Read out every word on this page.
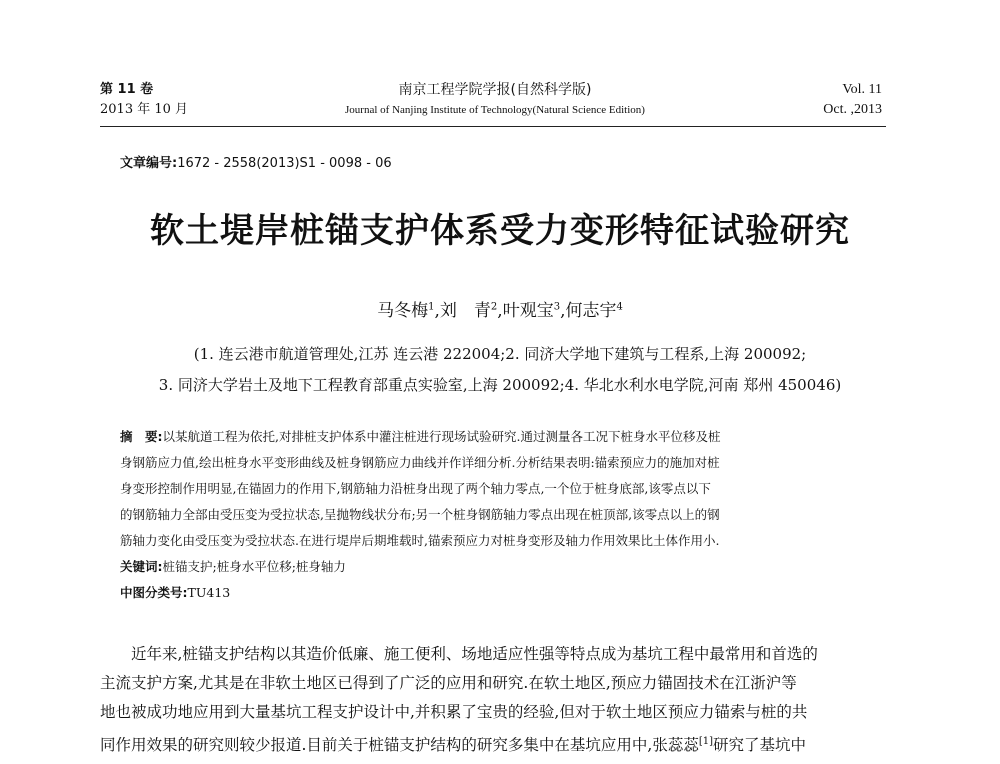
第 11 卷
2013 年 10 月
南京工程学院学报(自然科学版)
Journal of Nanjing Institute of Technology(Natural Science Edition)
Vol. 11
Oct. ,2013
文章编号:1672 - 2558(2013)S1 - 0098 - 06
软土堤岸桩锚支护体系受力变形特征试验研究
马冬梅$^1$,刘　青$^2$,叶观宝$^3$,何志宇$^4$
(1. 连云港市航道管理处,江苏 连云港 222004;2. 同济大学地下建筑与工程系,上海 200092;
3. 同济大学岩土及地下工程教育部重点实验室,上海 200092;4. 华北水利水电学院,河南 郑州 450046)
摘　要:以某航道工程为依托,对排桩支护体系中灌注桩进行现场试验研究.通过测量各工况下桩身水平位移及桩
身钢筋应力值,绘出桩身水平变形曲线及桩身钢筋应力曲线并作详细分析.分析结果表明:锚索预应力的施加对桩
身变形控制作用明显,在锚固力的作用下,钢筋轴力沿桩身出现了两个轴力零点,一个位于桩身底部,该零点以下
的钢筋轴力全部由受压变为受拉状态,呈抛物线状分布;另一个桩身钢筋轴力零点出现在桩顶部,该零点以上的钢
筋轴力变化由受压变为受拉状态.在进行堤岸后期堆载时,锚索预应力对桩身变形及轴力作用效果比土体作用小.
关键词:桩锚支护;桩身水平位移;桩身轴力
中图分类号:TU413
近年来,桩锚支护结构以其造价低廉、施工便利、场地适应性强等特点成为基坑工程中最常用和首选的
主流支护方案,尤其是在非软土地区已得到了广泛的应用和研究.在软土地区,预应力锚固技术在江浙沪等
地也被成功地应用到大量基坑工程支护设计中,并积累了宝贵的经验,但对于软土地区预应力锚索与桩的共
同作用效果的研究则较少报道.目前关于桩锚支护结构的研究多集中在基坑应用中,张蕊蕊[1]研究了基坑中
